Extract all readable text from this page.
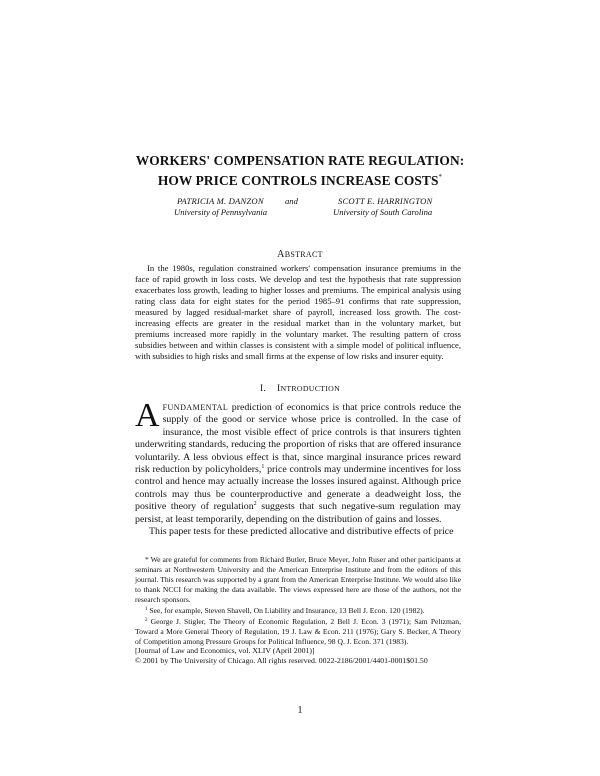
WORKERS' COMPENSATION RATE REGULATION:
HOW PRICE CONTROLS INCREASE COSTS*
PATRICIA M. DANZON
University of Pennsylvania
and	SCOTT E. HARRINGTON
University of South Carolina
ABSTRACT

In the 1980s, regulation constrained workers' compensation insurance premiums in the face of rapid growth in loss costs. We develop and test the hypothesis that rate suppression exacerbates loss growth, leading to higher losses and premiums. The empirical analysis using rating class data for eight states for the period 1985–91 confirms that rate suppression, measured by lagged residual-market share of payroll, increased loss growth. The cost-increasing effects are greater in the residual market than in the voluntary market, but premiums increased more rapidly in the voluntary market. The resulting pattern of cross subsidies between and within classes is consistent with a simple model of political influence, with subsidies to high risks and small firms at the expense of low risks and insurer equity.

I. INTRODUCTION

AFUNDAMENTAL prediction of economics is that price controls reduce the supply of the good or service whose price is controlled. In the case of insurance, the most visible effect of price controls is that insurers tighten underwriting standards, reducing the proportion of risks that are offered insurance voluntarily. A less obvious effect is that, since marginal insurance prices reward risk reduction by policyholders,$^1$ price controls may undermine incentives for loss control and hence may actually increase the losses insured against. Although price controls may thus be counterproductive and generate a deadweight loss, the positive theory of regulation$^2$ suggests that such negative-sum regulation may persist, at least temporarily, depending on the distribution of gains and losses.

This paper tests for these predicted allocative and distributive effects of price

* We are grateful for comments from Richard Butler, Bruce Meyer, John Ruser and other participants at seminars at Northwestern University and the American Enterprise Institute and from the editors of this journal. This research was supported by a grant from the American Enterprise Institute. We would also like to thank NCCI for making the data available. The views expressed here are those of the authors, not the research sponsors.

$^1$ See, for example, Steven Shavell, On Liability and Insurance, 13 Bell J. Econ. 120 (1982).

$^2$ George J. Stigler, The Theory of Economic Regulation, 2 Bell J. Econ. 3 (1971); Sam Peltzman, Toward a More General Theory of Regulation, 19 J. Law & Econ. 211 (1976); Gary S. Becker, A Theory of Competition among Pressure Groups for Political Influence, 98 Q. J. Econ. 371 (1983).

[Journal of Law and Economics, vol. XLIV (April 2001)]
© 2001 by The University of Chicago. All rights reserved. 0022-2186/2001/4401-0001$01.50
1
